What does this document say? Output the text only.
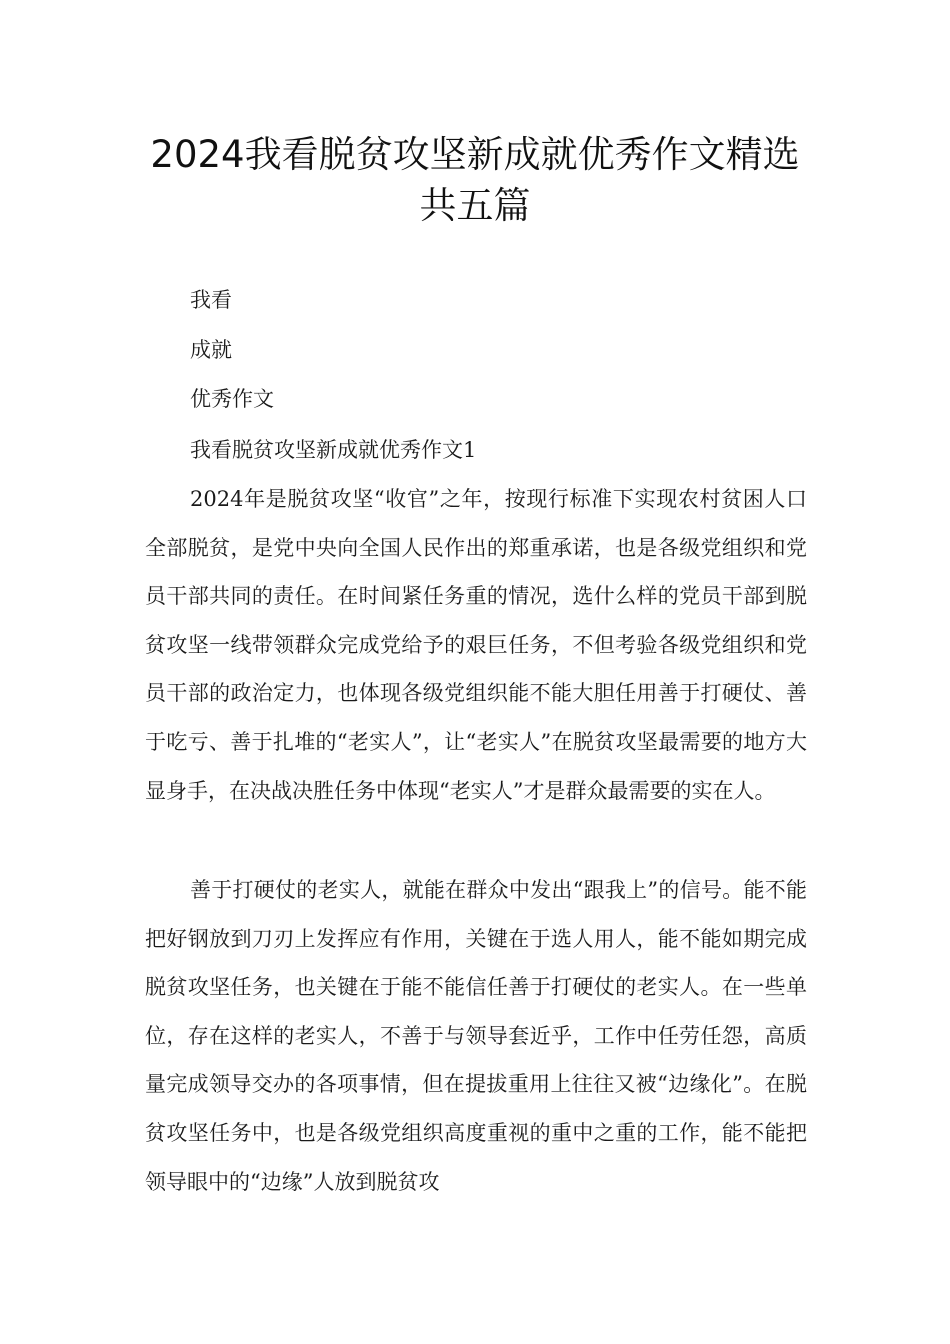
2024我看脱贫攻坚新成就优秀作文精选
共五篇
我看
成就
优秀作文
我看脱贫攻坚新成就优秀作文1

2024年是脱贫攻坚“收官”之年，按现行标准下实现农村贫困人口全部脱贫，是党中央向全国人民作出的郑重承诺，也是各级党组织和党员干部共同的责任。在时间紧任务重的情况，选什么样的党员干部到脱贫攻坚一线带领群众完成党给予的艰巨任务，不但考验各级党组织和党员干部的政治定力，也体现各级党组织能不能大胆任用善于打硬仗、善于吃亏、善于扎堆的“老实人”，让“老实人”在脱贫攻坚最需要的地方大显身手，在决战决胜任务中体现“老实人”才是群众最需要的实在人。

善于打硬仗的老实人，就能在群众中发出“跟我上”的信号。能不能把好钢放到刀刃上发挥应有作用，关键在于选人用人，能不能如期完成脱贫攻坚任务，也关键在于能不能信任善于打硬仗的老实人。在一些单位，存在这样的老实人，不善于与领导套近乎，工作中任劳任怨，高质量完成领导交办的各项事情，但在提拔重用上往往又被“边缘化”。在脱贫攻坚任务中，也是各级党组织高度重视的重中之重的工作，能不能把领导眼中的“边缘”人放到脱贫攻
